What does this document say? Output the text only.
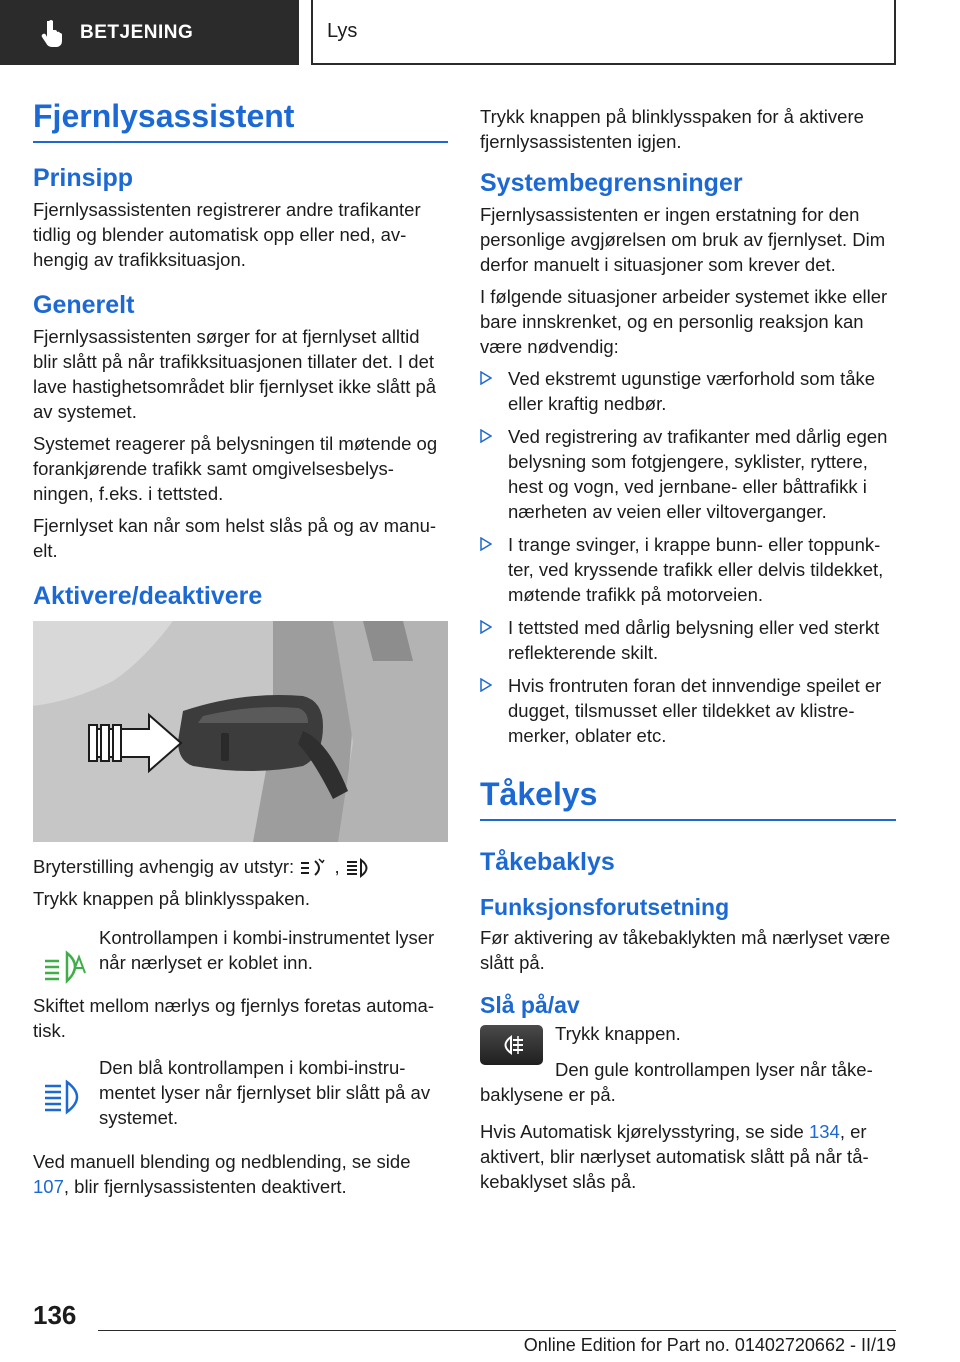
BETJENING	Lys
Fjernlysassistent
Prinsipp

Fjernlysassistenten registrerer andre trafikanter tidlig og blender automatisk opp eller ned, avhengig av trafikksituasjon.

Generelt

Fjernlysassistenten sørger for at fjernlyset alltid blir slått på når trafikksituasjonen tillater det. I det lave hastighetsområdet blir fjernlyset ikke slått på av systemet.

Systemet reagerer på belysningen til møtende og forankjørende trafikk samt omgivelsesbelysningen, f.eks. i tettsted.

Fjernlyset kan når som helst slås på og av manuelt.

Aktivere/deaktivere

Bryterstilling avhengig av utstyr: ,

Trykk knappen på blinklysspaken.

Kontrollampen i kombi-instrumentet lyser når nærlyset er koblet inn.

Skiftet mellom nærlys og fjernlys foretas automatisk.

Den blå kontrollampen i kombi-instrumentet lyser når fjernlyset blir slått på av systemet.

Ved manuell blending og nedblending, se side 107, blir fjernlysassistenten deaktivert.

Trykk knappen på blinklysspaken for å aktivere fjernlysassistenten igjen.

Systembegrensninger

Fjernlysassistenten er ingen erstatning for den personlige avgjørelsen om bruk av fjernlyset. Dim derfor manuelt i situasjoner som krever det.

I følgende situasjoner arbeider systemet ikke eller bare innskrenket, og en personlig reaksjon kan være nødvendig:

Ved ekstremt ugunstige værforhold som tåke eller kraftig nedbør.
Ved registrering av trafikanter med dårlig egen belysning som fotgjengere, syklister, ryttere, hest og vogn, ved jernbane- eller båttrafikk i nærheten av veien eller viltoverganger.
I trange svinger, i krappe bunn- eller toppunkter, ved kryssende trafikk eller delvis tildekket, møtende trafikk på motorveien.
I tettsted med dårlig belysning eller ved sterkt reflekterende skilt.
Hvis frontruten foran det innvendige speilet er dugget, tilsmusset eller tildekket av klistremerker, oblater etc.
Tåkelys
Tåkebaklys
Funksjonsforutsetning

Før aktivering av tåkebaklykten må nærlyset være slått på.

Slå på/av

Trykk knappen.

Den gule kontrollampen lyser når tåkebaklysene er på.

Hvis Automatisk kjørelysstyring, se side 134, er aktivert, blir nærlyset automatisk slått på når tåkebaklyset slås på.

136
Online Edition for Part no. 01402720662 - II/19
